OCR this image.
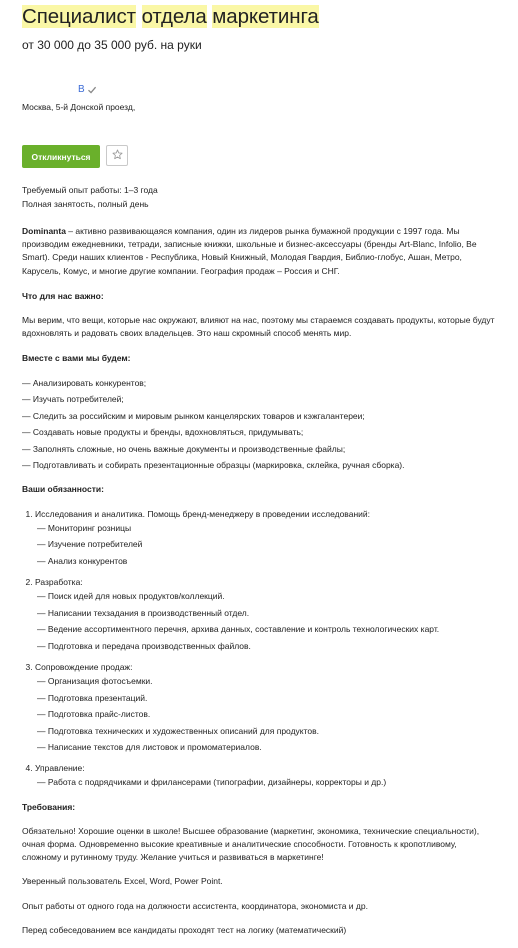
Специалист отдела маркетинга
от 30 000 до 35 000 руб. на руки
В
Москва, 5-й Донской проезд,
Откликнуться
Требуемый опыт работы: 1–3 года
Полная занятость, полный день

Dominanta – активно развивающаяся компания, один из лидеров рынка бумажной продукции с 1997 года. Мы производим ежедневники, тетради, записные книжки, школьные и бизнес-аксессуары (бренды Art-Blanc, Infolio, Be Smart). Среди наших клиентов - Республика, Новый Книжный, Молодая Гвардия, Библио-глобус, Ашан, Метро, Карусель, Комус, и многие другие компании. География продаж – Россия и СНГ.

Что для нас важно:

Мы верим, что вещи, которые нас окружают, влияют на нас, поэтому мы стараемся создавать продукты, которые будут вдохновлять и радовать своих владельцев. Это наш скромный способ менять мир.

Вместе с вами мы будем:

— Анализировать конкурентов;
— Изучать потребителей;
— Следить за российским и мировым рынком канцелярских товаров и кэжгалантереи;
— Создавать новые продукты и бренды, вдохновляться, придумывать;
— Заполнять сложные, но очень важные документы и производственные файлы;
— Подготавливать и собирать презентационные образцы (маркировка, склейка, ручная сборка).

Ваши обязанности:

1. Исследования и аналитика. Помощь бренд-менеджеру в проведении исследований:
— Мониторинг розницы
— Изучение потребителей
— Анализ конкурентов
2. Разработка:
— Поиск идей для новых продуктов/коллекций.
— Написании техзадания в производственный отдел.
— Ведение ассортиментного перечня, архива данных, составление и контроль технологических карт.
— Подготовка и передача производственных файлов.
3. Сопровождение продаж:
— Организация фотосъемки.
— Подготовка презентаций.
— Подготовка прайс-листов.
— Подготовка технических и художественных описаний для продуктов.
— Написание текстов для листовок и промоматериалов.
4. Управление:
— Работа с подрядчиками и фрилансерами (типографии, дизайнеры, корректоры и др.)

Требования:

Обязательно! Хорошие оценки в школе! Высшее образование (маркетинг, экономика, технические специальности), очная форма. Одновременно высокие креативные и аналитические способности. Готовность к кропотливому, сложному и рутинному труду. Желание учиться и развиваться в маркетинге!

Уверенный пользователь Excel, Word, Power Point.

Опыт работы от одного года на должности ассистента, координатора, экономиста и др.

Перед собеседованием все кандидаты проходят тест на логику (математический)
